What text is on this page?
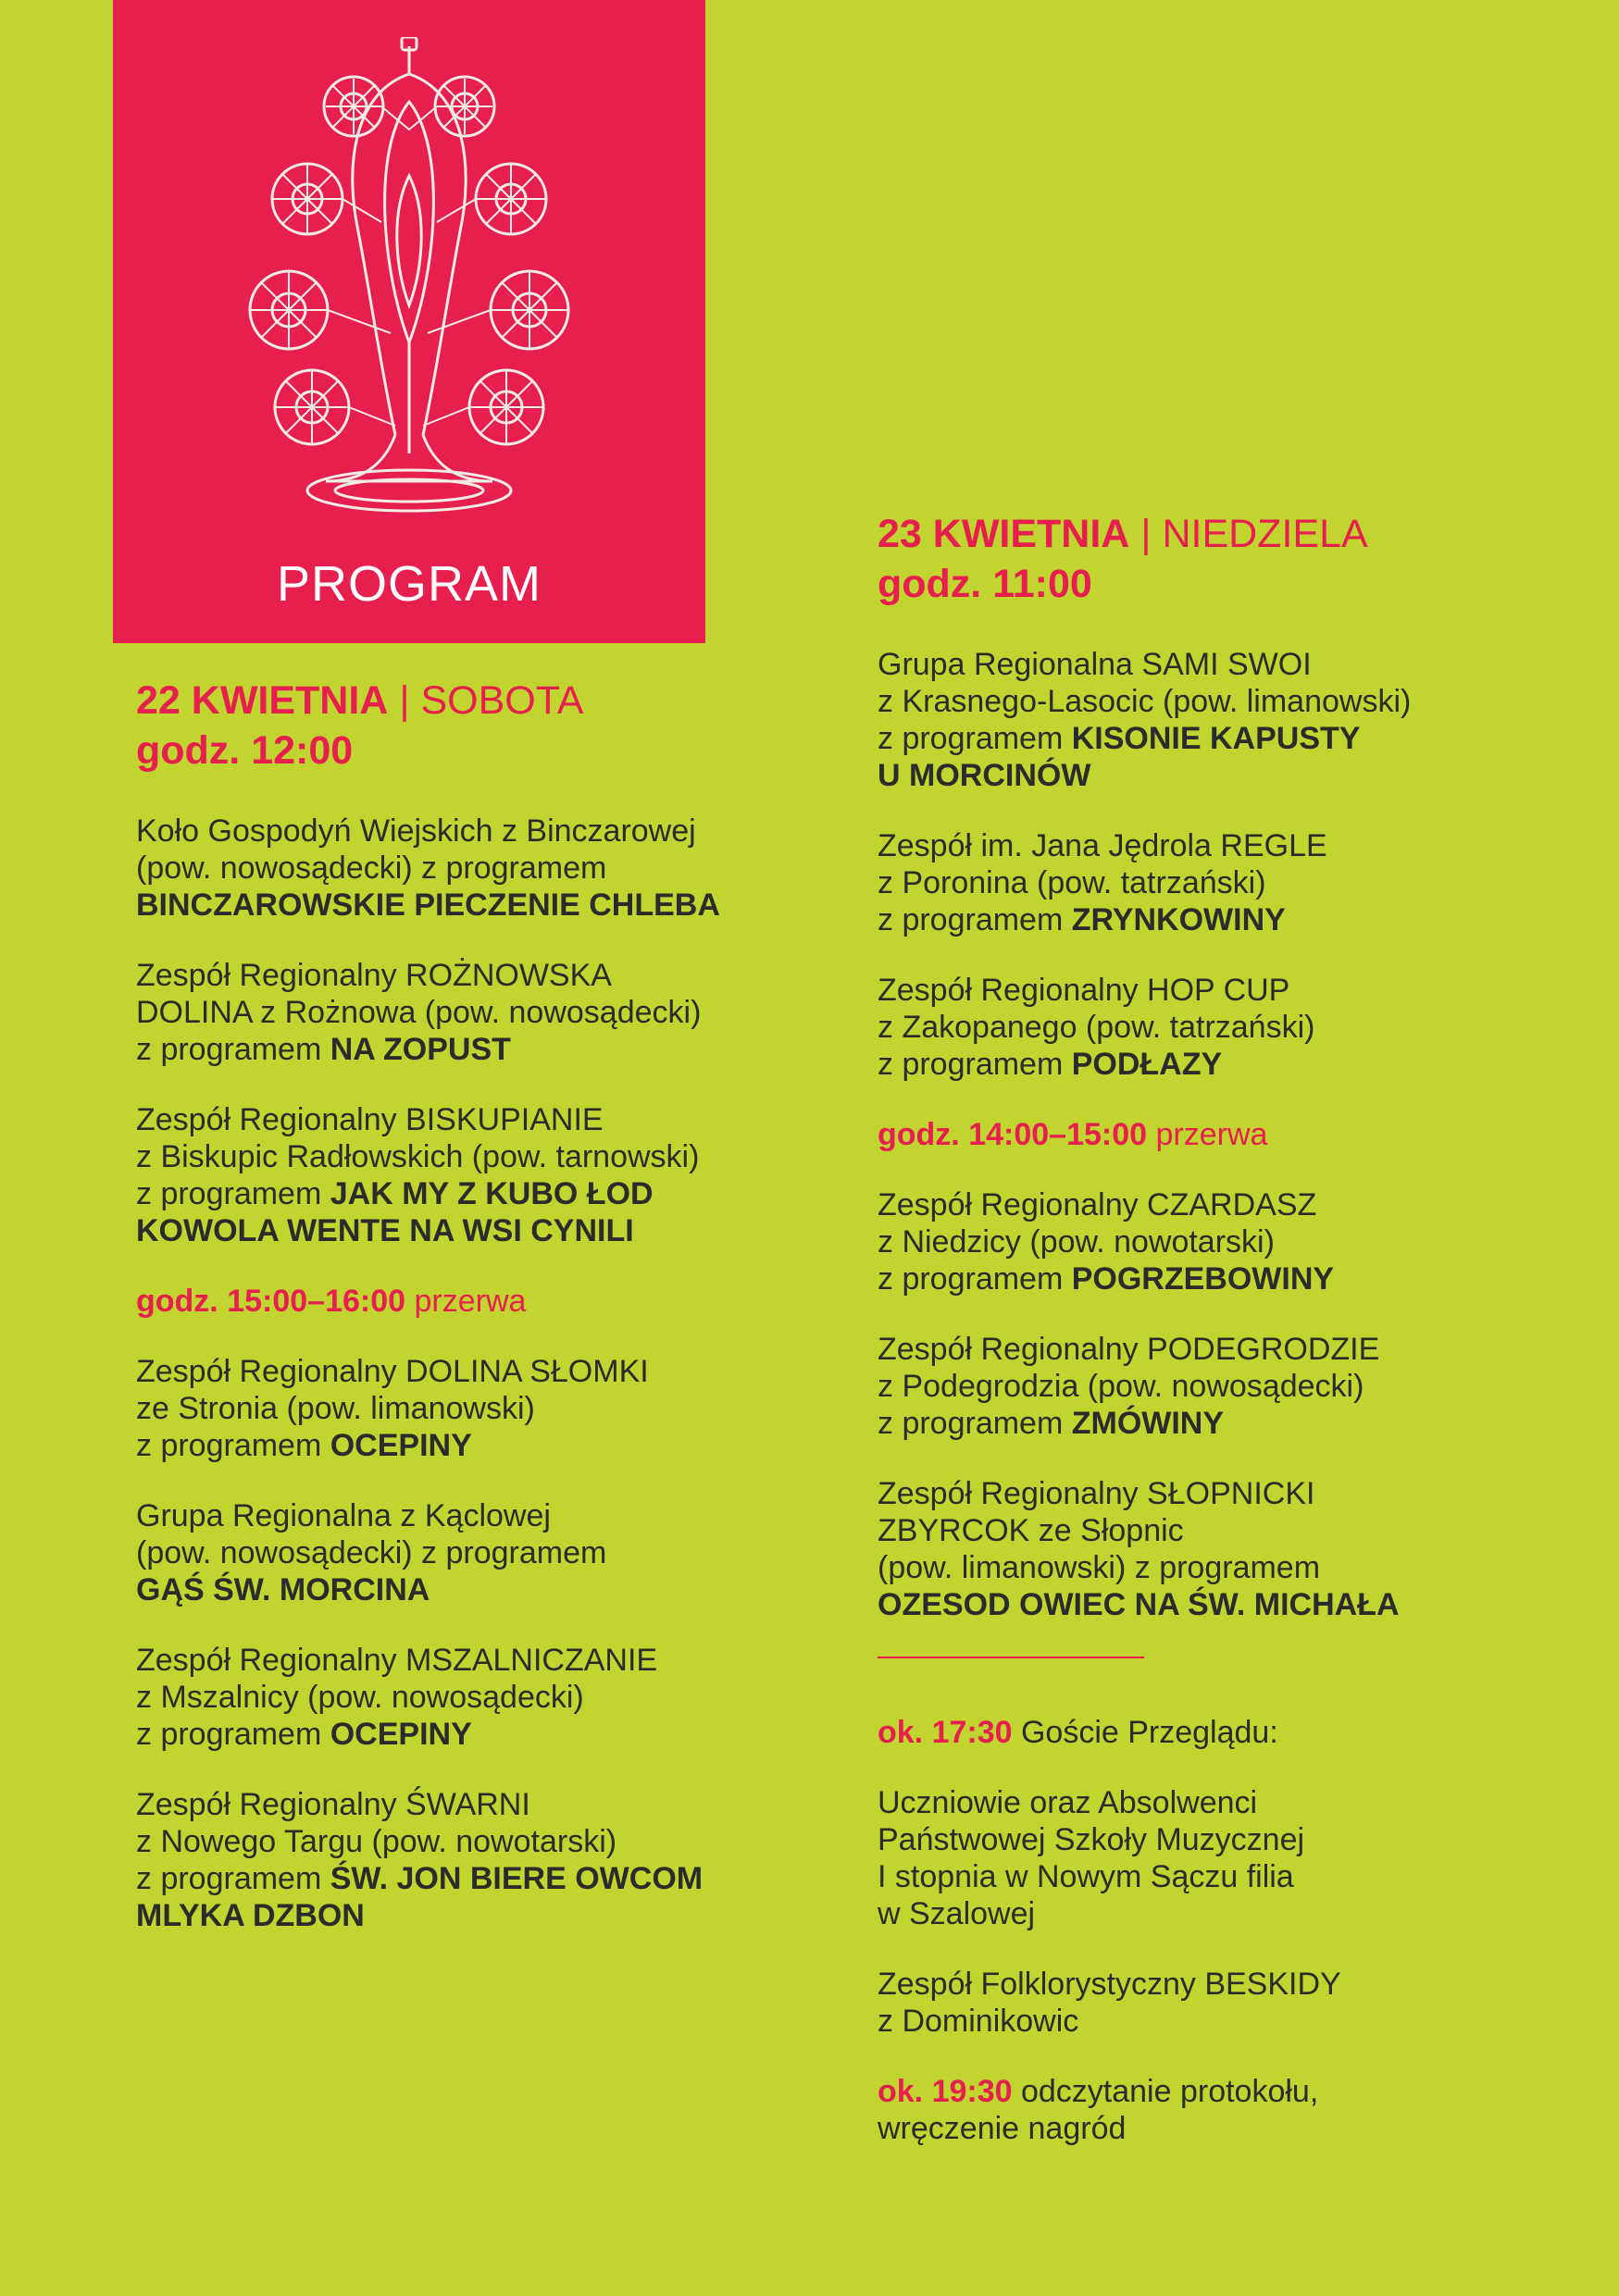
PROGRAM
22 KWIETNIA | SOBOTA
godz. 12:00
Koło Gospodyń Wiejskich z Binczarowej
(pow. nowosądecki) z programem
BINCZAROWSKIE PIECZENIE CHLEBA
Zespół Regionalny ROŻNOWSKA
DOLINA z Rożnowa (pow. nowosądecki)
z programem NA ZOPUST
Zespół Regionalny BISKUPIANIE
z Biskupic Radłowskich (pow. tarnowski)
z programem JAK MY Z KUBO ŁOD
KOWOLA WENTE NA WSI CYNILI
godz. 15:00–16:00 przerwa
Zespół Regionalny DOLINA SŁOMKI
ze Stronia (pow. limanowski)
z programem OCEPINY
Grupa Regionalna z Kąclowej
(pow. nowosądecki) z programem
GĄŚ ŚW. MORCINA
Zespół Regionalny MSZALNICZANIE
z Mszalnicy (pow. nowosądecki)
z programem OCEPINY
Zespół Regionalny ŚWARNI
z Nowego Targu (pow. nowotarski)
z programem ŚW. JON BIERE OWCOM
MLYKA DZBON
23 KWIETNIA | NIEDZIELA
godz. 11:00
Grupa Regionalna SAMI SWOI
z Krasnego-Lasocic (pow. limanowski)
z programem KISONIE KAPUSTY
U MORCINÓW
Zespół im. Jana Jędrola REGLE
z Poronina (pow. tatrzański)
z programem ZRYNKOWINY
Zespół Regionalny HOP CUP
z Zakopanego (pow. tatrzański)
z programem PODŁAZY
godz. 14:00–15:00 przerwa
Zespół Regionalny CZARDASZ
z Niedzicy (pow. nowotarski)
z programem POGRZEBOWINY
Zespół Regionalny PODEGRODZIE
z Podegrodzia (pow. nowosądecki)
z programem ZMÓWINY
Zespół Regionalny SŁOPNICKI
ZBYRCOK ze Słopnic
(pow. limanowski) z programem
OZESOD OWIEC NA ŚW. MICHAŁA
ok. 17:30 Goście Przeglądu:
Uczniowie oraz Absolwenci
Państwowej Szkoły Muzycznej
I stopnia w Nowym Sączu filia
w Szalowej
Zespół Folklorystyczny BESKIDY
z Dominikowic
ok. 19:30 odczytanie protokołu,
wręczenie nagród
